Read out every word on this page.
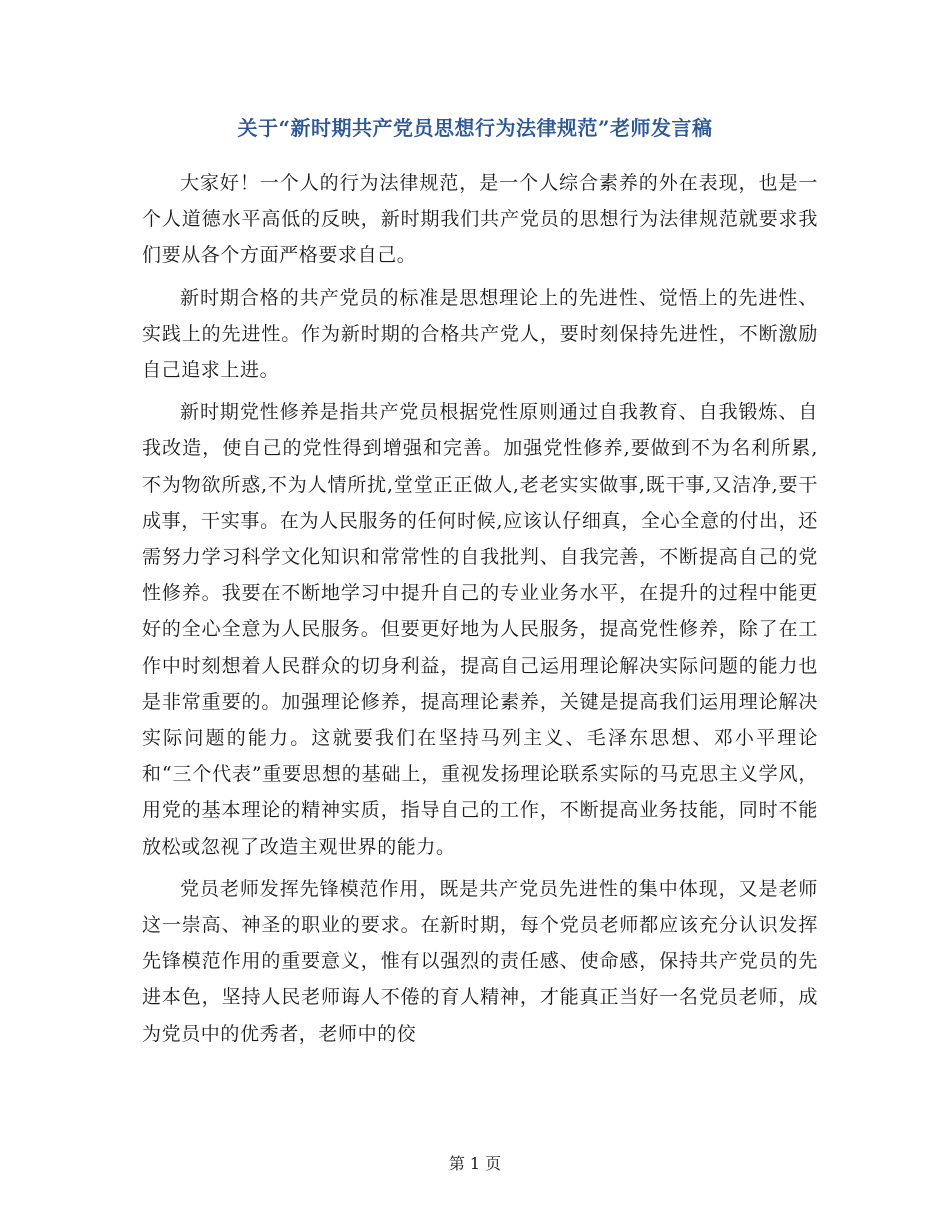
关于“新时期共产党员思想行为法律规范”老师发言稿

大家好！一个人的行为法律规范，是一个人综合素养的外在表现，也是一个人道德水平高低的反映，新时期我们共产党员的思想行为法律规范就要求我们要从各个方面严格要求自己。

新时期合格的共产党员的标准是思想理论上的先进性、觉悟上的先进性、实践上的先进性。作为新时期的合格共产党人，要时刻保持先进性，不断激励自己追求上进。

新时期党性修养是指共产党员根据党性原则通过自我教育、自我锻炼、自我改造，使自己的党性得到增强和完善。加强党性修养,要做到不为名利所累,不为物欲所惑,不为人情所扰,堂堂正正做人,老老实实做事,既干事,又洁净,要干成事，干实事。在为人民服务的任何时候,应该认仔细真，全心全意的付出，还需努力学习科学文化知识和常常性的自我批判、自我完善，不断提高自己的党性修养。我要在不断地学习中提升自己的专业业务水平，在提升的过程中能更好的全心全意为人民服务。但要更好地为人民服务，提高党性修养，除了在工作中时刻想着人民群众的切身利益，提高自己运用理论解决实际问题的能力也是非常重要的。加强理论修养，提高理论素养，关键是提高我们运用理论解决实际问题的能力。这就要我们在坚持马列主义、毛泽东思想、邓小平理论和“三个代表”重要思想的基础上，重视发扬理论联系实际的马克思主义学风，用党的基本理论的精神实质，指导自己的工作，不断提高业务技能，同时不能放松或忽视了改造主观世界的能力。

党员老师发挥先锋模范作用，既是共产党员先进性的集中体现，又是老师这一崇高、神圣的职业的要求。在新时期，每个党员老师都应该充分认识发挥先锋模范作用的重要意义，惟有以强烈的责任感、使命感，保持共产党员的先进本色，坚持人民老师诲人不倦的育人精神，才能真正当好一名党员老师，成为党员中的优秀者，老师中的佼

第 1 页
